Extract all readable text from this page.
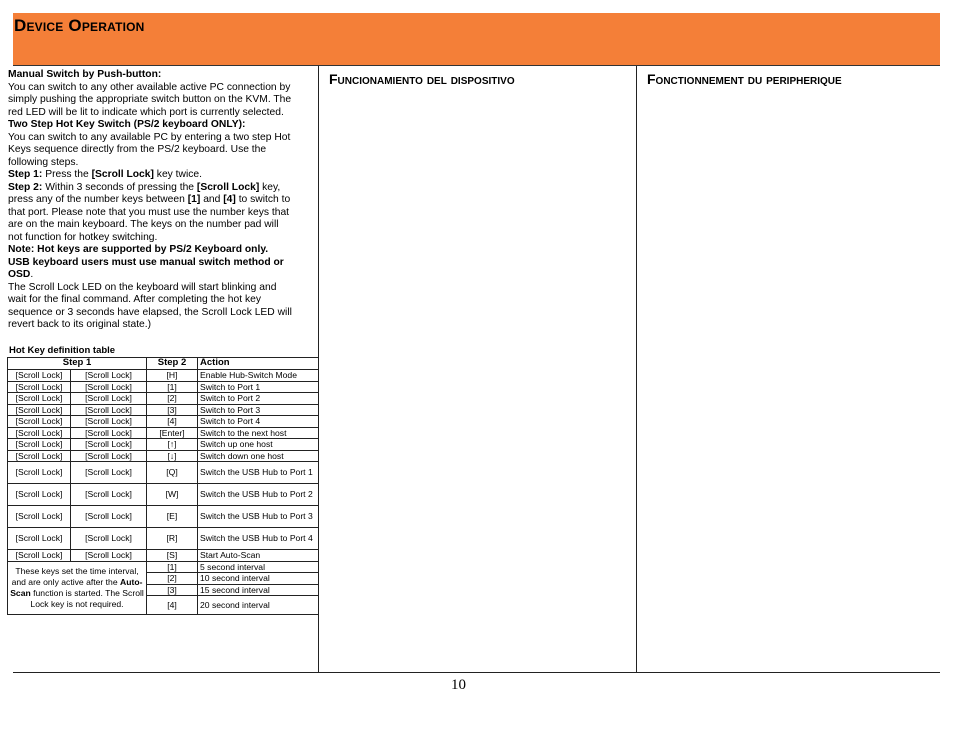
Device Operation

Manual Switch by Push-button:

You can switch to any other available active PC connection by

simply pushing the appropriate switch button on the KVM. The

red LED will be lit to indicate which port is currently selected.

Two Step Hot Key Switch (PS/2 keyboard ONLY):

You can switch to any available PC by entering a two step Hot

Keys sequence directly from the PS/2 keyboard. Use the

following steps.

Step 1: Press the [Scroll Lock] key twice.

Step 2: Within 3 seconds of pressing the [Scroll Lock] key,

press any of the number keys between [1] and [4] to switch to

that port. Please note that you must use the number keys that

are on the main keyboard. The keys on the number pad will

not function for hotkey switching.

Note: Hot keys are supported by PS/2 Keyboard only.

USB keyboard users must use manual switch method or

OSD.

The Scroll Lock LED on the keyboard will start blinking and

wait for the final command. After completing the hot key

sequence or 3 seconds have elapsed, the Scroll Lock LED will

revert back to its original state.)

Hot Key definition table
Step 1		Step 2	Action
[Scroll Lock]	[Scroll Lock]	[H]	Enable Hub-Switch Mode
[Scroll Lock]	[Scroll Lock]	[1]	Switch to Port 1
[Scroll Lock]	[Scroll Lock]	[2]	Switch to Port 2
[Scroll Lock]	[Scroll Lock]	[3]	Switch to Port 3
[Scroll Lock]	[Scroll Lock]	[4]	Switch to Port 4
[Scroll Lock]	[Scroll Lock]	[Enter]	Switch to the next host
[Scroll Lock]	[Scroll Lock]	[↑]	Switch up one host
[Scroll Lock]	[Scroll Lock]	[↓]	Switch down one host
[Scroll Lock]	[Scroll Lock]	[Q]	Switch the USB Hub to Port 1
[Scroll Lock]	[Scroll Lock]	[W]	Switch the USB Hub to Port 2
[Scroll Lock]	[Scroll Lock]	[E]	Switch the USB Hub to Port 3
[Scroll Lock]	[Scroll Lock]	[R]	Switch the USB Hub to Port 4
[Scroll Lock]	[Scroll Lock]	[S]	Start Auto-Scan
These keys set the time interval, and are only active after the Auto-Scan function is started. The Scroll Lock key is not required.		[1]	5 second interval
		[2]	10 second interval
		[3]	15 second interval
		[4]	20 second interval
Funcionamiento del dispositivo	Fonctionnement du peripherique
10
